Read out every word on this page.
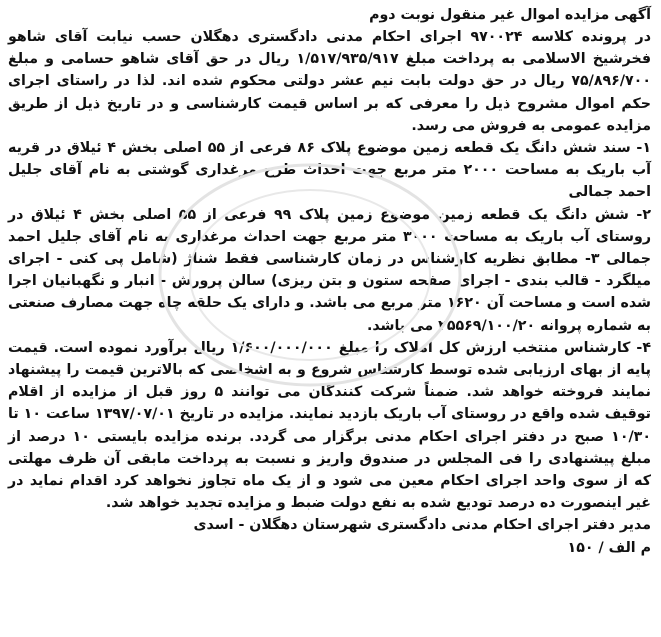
آگهی مزایده اموال غیر منقول نوبت دوم

در پرونده کلاسه ۹۷۰۰۲۴ اجرای احکام مدنی دادگستری دهگلان حسب نیابت آقای شاهو فخرشیخ الاسلامی به پرداخت مبلغ ۱/۵۱۷/۹۳۵/۹۱۷ ریال در حق آقای شاهو حسامی و مبلغ ۷۵/۸۹۶/۷۰۰ ریال در حق دولت بابت نیم عشر دولتی محکوم شده اند. لذا در راستای اجرای حکم اموال مشروح ذیل را معرفی که بر اساس قیمت کارشناسی و در تاریخ ذیل از طریق مزایده عمومی به فروش می رسد.

۱- سند شش دانگ یک قطعه زمین موضوع پلاک ۸۶ فرعی از ۵۵ اصلی بخش ۴ ئیلاق در قریه آب باریک به مساحت ۲۰۰۰ متر مربع جهت احداث طرح مرغداری گوشتی به نام آقای جلیل احمد جمالی

۲- شش دانگ یک قطعه زمین موضوع زمین پلاک ۹۹ فرعی از ۵۵ اصلی بخش ۴ ئیلاق در روستای آب باریک به مساحت ۳۰۰۰ متر مربع جهت احداث مرغداری به نام آقای جلیل احمد جمالی ۳- مطابق نظریه کارشناس در زمان کارشناسی فقط شناژ (شامل پی کنی - اجرای میلگرد - قالب بندی - اجرای صفحه ستون و بتن ریزی) سالن پرورش - انبار و نگهبانیان اجرا شده است و مساحت آن ۱۶۲۰ متر مربع می باشد. و دارای یک حلقه چاه جهت مصارف صنعتی به شماره پروانه ۲۵۵۶۹/۱۰۰/۲۰ می باشد.

۴- کارشناس منتخب ارزش کل املاک را مبلغ ۱/۶۰۰/۰۰۰/۰۰۰ ریال برآورد نموده است. قیمت پایه از بهای ارزیابی شده توسط کارشناس شروع و به اشخاصی که بالاترین قیمت را پیشنهاد نمایند فروخته خواهد شد. ضمناً شرکت کنندگان می توانند ۵ روز قبل از مزایده از اقلام توقیف شده واقع در روستای آب باریک بازدید نمایند. مزایده در تاریخ ۱۳۹۷/۰۷/۰۱ ساعت ۱۰ تا ۱۰/۳۰ صبح در دفتر اجرای احکام مدنی برگزار می گردد. برنده مزایده بایستی ۱۰ درصد از مبلغ پیشنهادی را فی المجلس در صندوق واریز و نسبت به پرداخت مابقی آن ظرف مهلتی که از سوی واحد اجرای احکام معین می شود و از یک ماه تجاوز نخواهد کرد اقدام نماید در غیر اینصورت ده درصد تودیع شده به نفع دولت ضبط و مزایده تجدید خواهد شد.

مدیر دفتر اجرای احکام مدنی دادگستری شهرستان دهگلان - اسدی

م الف / ۱۵۰
